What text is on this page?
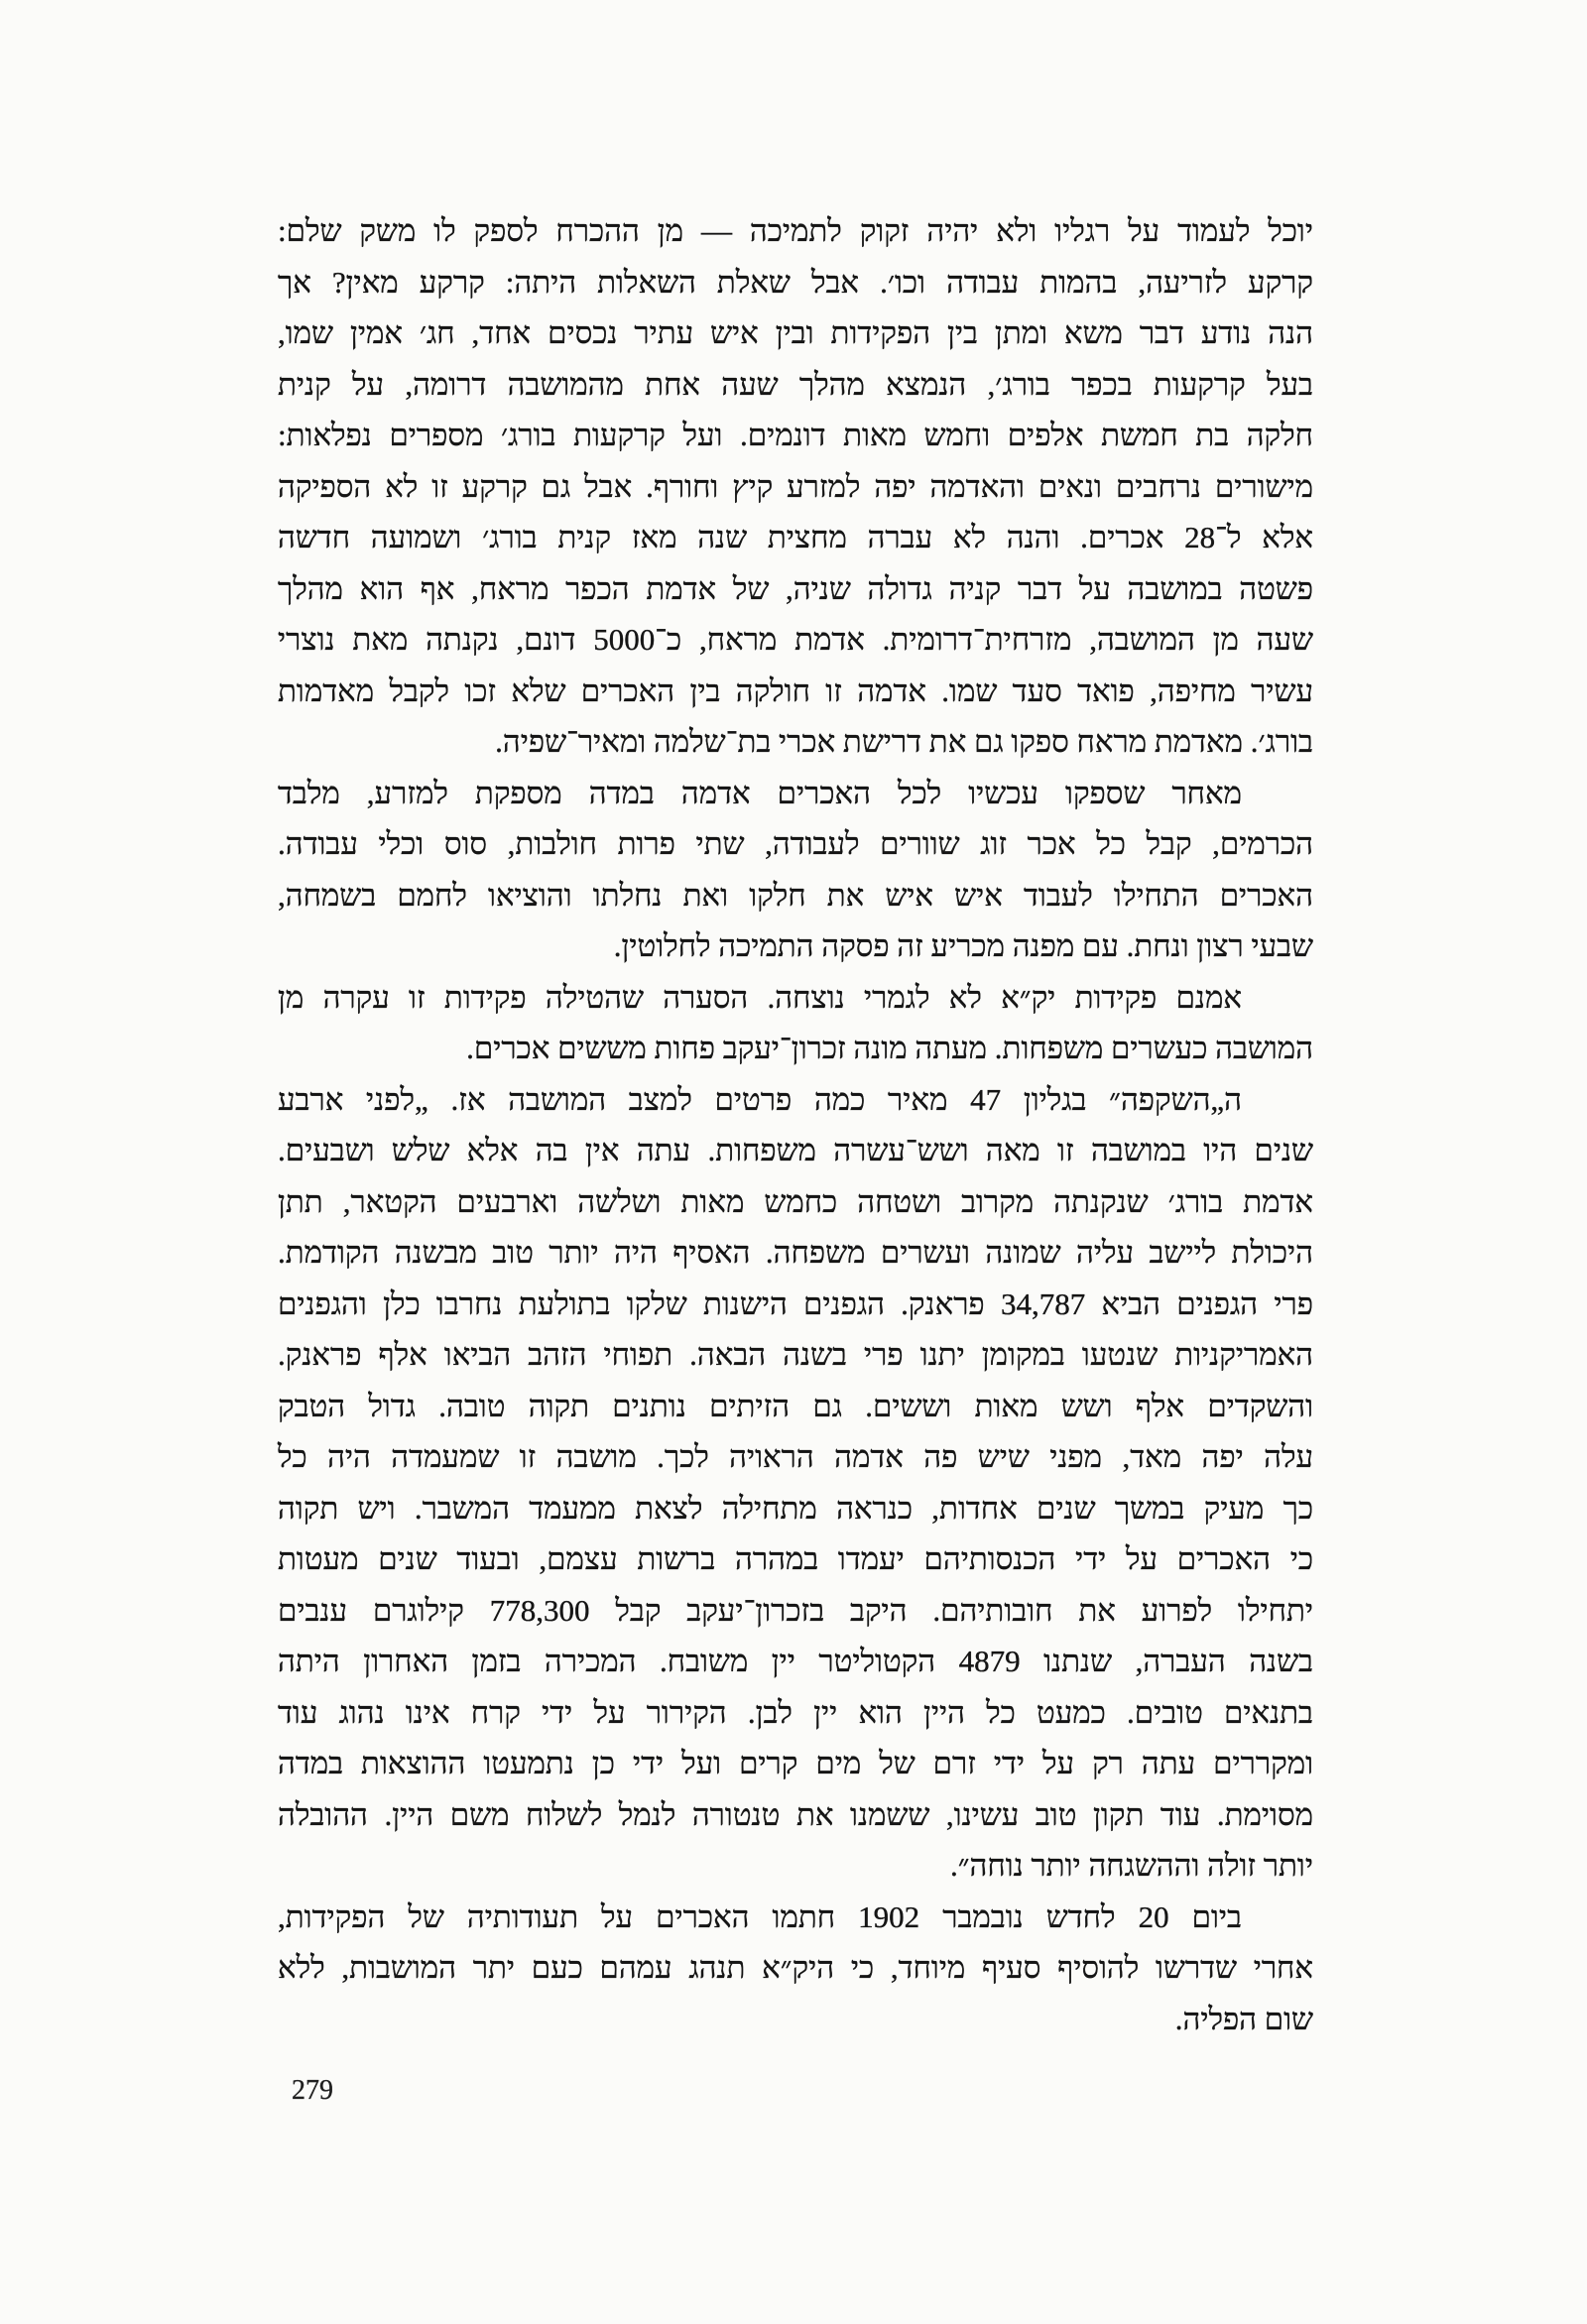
יוכל לעמוד על רגליו ולא יהיה זקוק לתמיכה — מן ההכרח לספק לו משק שלם:
קרקע לזריעה, בהמות עבודה וכו׳. אבל שאלת השאלות היתה: קרקע מאין? אך
הנה נודע דבר משא ומתן בין הפקידות ובין איש עתיר נכסים אחד, חג׳ אמין שמו,
בעל קרקעות בכפר בורג׳, הנמצא מהלך שעה אחת מהמושבה דרומה, על קנית
חלקה בת חמשת אלפים וחמש מאות דונמים. ועל קרקעות בורג׳ מספרים נפלאות:
מישורים נרחבים ונאים והאדמה יפה למזרע קיץ וחורף. אבל גם קרקע זו לא הספיקה
אלא ל־28 אכרים. והנה לא עברה מחצית שנה מאז קנית בורג׳ ושמועה חדשה
פשטה במושבה על דבר קניה גדולה שניה, של אדמת הכפר מראח, אף הוא מהלך
שעה מן המושבה, מזרחית־דרומית. אדמת מראח, כ־5000 דונם, נקנתה מאת נוצרי
עשיר מחיפה, פואד סעד שמו. אדמה זו חולקה בין האכרים שלא זכו לקבל מאדמות
בורג׳. מאדמת מראח ספקו גם את דרישת אכרי בת־שלמה ומאיר־שפיה.
מאחר שספקו עכשיו לכל האכרים אדמה במדה מספקת למזרע, מלבד
הכרמים, קבל כל אכר זוג שוורים לעבודה, שתי פרות חולבות, סוס וכלי עבודה.
האכרים התחילו לעבוד איש איש את חלקו ואת נחלתו והוציאו לחמם בשמחה,
שבעי רצון ונחת. עם מפנה מכריע זה פסקה התמיכה לחלוטין.
אמנם פקידות יק״א לא לגמרי נוצחה. הסערה שהטילה פקידות זו עקרה מן
המושבה כעשרים משפחות. מעתה מונה זכרון־יעקב פחות מששים אכרים.
ה„השקפה״ בגליון 47 מאיר כמה פרטים למצב המושבה אז. „לפני ארבע
שנים היו במושבה זו מאה ושש־עשרה משפחות. עתה אין בה אלא שלש ושבעים.
אדמת בורג׳ שנקנתה מקרוב ושטחה כחמש מאות ושלשה וארבעים הקטאר, תתן
היכולת ליישב עליה שמונה ועשרים משפחה. האסיף היה יותר טוב מבשנה הקודמת.
פרי הגפנים הביא 34,787 פראנק. הגפנים הישנות שלקו בתולעת נחרבו כלן והגפנים
האמריקניות שנטעו במקומן יתנו פרי בשנה הבאה. תפוחי הזהב הביאו אלף פראנק.
והשקדים אלף ושש מאות וששים. גם הזיתים נותנים תקוה טובה. גדול הטבק
עלה יפה מאד, מפני שיש פה אדמה הראויה לכך. מושבה זו שמעמדה היה כל
כך מעיק במשך שנים אחדות, כנראה מתחילה לצאת ממעמד המשבר. ויש תקוה
כי האכרים על ידי הכנסותיהם יעמדו במהרה ברשות עצמם, ובעוד שנים מעטות
יתחילו לפרוע את חובותיהם. היקב בזכרון־יעקב קבל 778,300 קילוגרם ענבים
בשנה העברה, שנתנו 4879 הקטוליטר יין משובח. המכירה בזמן האחרון היתה
בתנאים טובים. כמעט כל היין הוא יין לבן. הקירור על ידי קרח אינו נהוג עוד
ומקררים עתה רק על ידי זרם של מים קרים ועל ידי כן נתמעטו ההוצאות במדה
מסוימת. עוד תקון טוב עשינו, ששמנו את טנטורה לנמל לשלוח משם היין. ההובלה
יותר זולה וההשגחה יותר נוחה״.
ביום 20 לחדש נובמבר 1902 חתמו האכרים על תעודותיה של הפקידות,
אחרי שדרשו להוסיף סעיף מיוחד, כי היק״א תנהג עמהם כעם יתר המושבות, ללא
שום הפליה.
279
